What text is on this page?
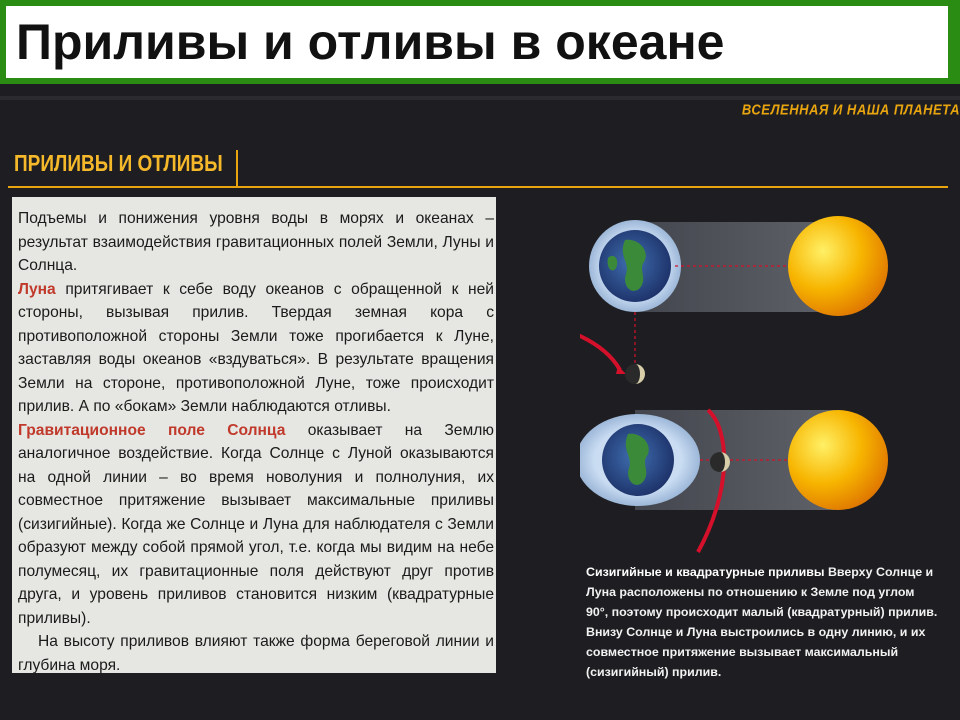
Приливы и отливы в океане
ВСЕЛЕННАЯ И НАША ПЛАНЕТА
ПРИЛИВЫ И ОТЛИВЫ

Подъемы и понижения уровня воды в морях и океанах – результат взаимодействия гравитационных полей Земли, Луны и Солнца.

Луна притягивает к себе воду океанов с обращенной к ней стороны, вызывая прилив. Твердая земная кора с противоположной стороны Земли тоже прогибается к Луне, заставляя воды океанов «вздуваться». В результате вращения Земли на стороне, противоположной Луне, тоже происходит прилив. А по «бокам» Земли наблюдаются отливы.

Гравитационное поле Солнца оказывает на Землю аналогичное воздействие. Когда Солнце с Луной оказываются на одной линии – во время новолуния и полнолуния, их совместное притяжение вызывает максимальные приливы (сизигийные). Когда же Солнце и Луна для наблюдателя с Земли образуют между собой прямой угол, т.е. когда мы видим на небе полумесяц, их гравитационные поля действуют друг против друга, и уровень приливов становится низким (квадратурные приливы).

На высоту приливов влияют также форма береговой линии и глубина моря.

Сизигийные и квадратурные приливы Вверху Солнце и Луна расположены по отношению к Земле под углом 90°, поэтому происходит малый (квадратурный) прилив. Внизу Солнце и Луна выстроились в одну линию, и их совместное притяжение вызывает максимальный (сизигийный) прилив.
